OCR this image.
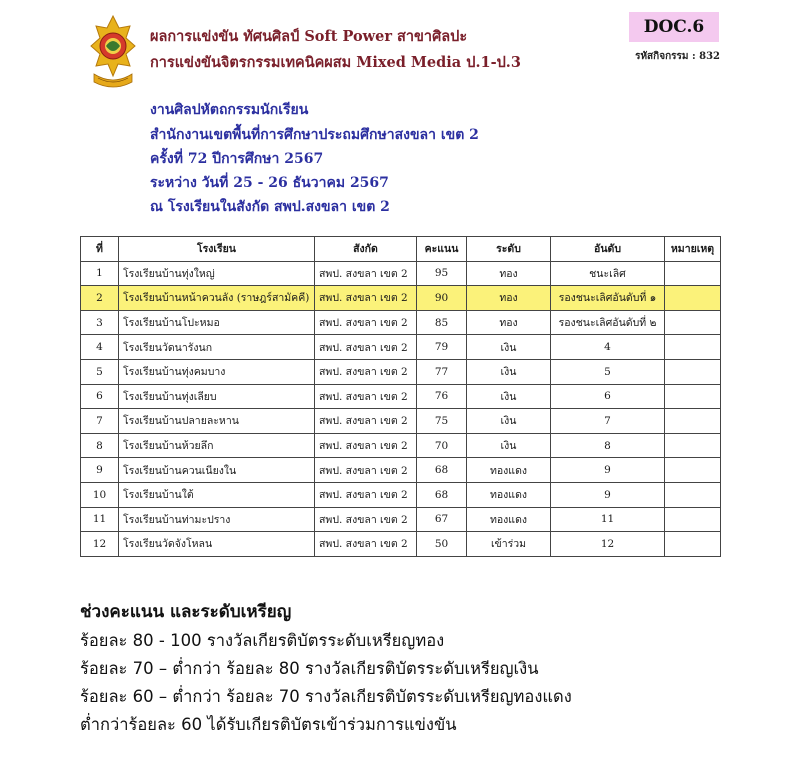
ผลการแข่งขัน ทัศนศิลป์ Soft Power สาขาศิลปะ
การแข่งขันจิตรกรรมเทคนิคผสม Mixed Media ป.1-ป.3
DOC.6
รหัสกิจกรรม : 832
งานศิลปหัตถกรรมนักเรียน
สำนักงานเขตพื้นที่การศึกษาประถมศึกษาสงขลา เขต 2
ครั้งที่ 72 ปีการศึกษา 2567
ระหว่าง วันที่ 25 - 26 ธันวาคม 2567
ณ โรงเรียนในสังกัด สพป.สงขลา เขต 2
ที่	โรงเรียน	สังกัด	คะแนน	ระดับ	อันดับ	หมายเหตุ
1	โรงเรียนบ้านทุ่งใหญ่	สพป. สงขลา เขต 2	95	ทอง	ชนะเลิศ	
2	โรงเรียนบ้านหน้าควนลัง (ราษฎร์สามัคคี)	สพป. สงขลา เขต 2	90	ทอง	รองชนะเลิศอันดับที่ ๑	
3	โรงเรียนบ้านโปะหมอ	สพป. สงขลา เขต 2	85	ทอง	รองชนะเลิศอันดับที่ ๒	
4	โรงเรียนวัดนารังนก	สพป. สงขลา เขต 2	79	เงิน	4	
5	โรงเรียนบ้านทุ่งคมบาง	สพป. สงขลา เขต 2	77	เงิน	5	
6	โรงเรียนบ้านทุ่งเลียบ	สพป. สงขลา เขต 2	76	เงิน	6	
7	โรงเรียนบ้านปลายละหาน	สพป. สงขลา เขต 2	75	เงิน	7	
8	โรงเรียนบ้านห้วยลึก	สพป. สงขลา เขต 2	70	เงิน	8	
9	โรงเรียนบ้านควนเนียงใน	สพป. สงขลา เขต 2	68	ทองแดง	9	
10	โรงเรียนบ้านใต้	สพป. สงขลา เขต 2	68	ทองแดง	9	
11	โรงเรียนบ้านท่ามะปราง	สพป. สงขลา เขต 2	67	ทองแดง	11	
12	โรงเรียนวัดจังโหลน	สพป. สงขลา เขต 2	50	เข้าร่วม	12	
ช่วงคะแนน และระดับเหรียญ
ร้อยละ 80 - 100 รางวัลเกียรติบัตรระดับเหรียญทอง
ร้อยละ 70 – ต่ำกว่า ร้อยละ 80 รางวัลเกียรติบัตรระดับเหรียญเงิน
ร้อยละ 60 – ต่ำกว่า ร้อยละ 70 รางวัลเกียรติบัตรระดับเหรียญทองแดง
ต่ำกว่าร้อยละ 60 ได้รับเกียรติบัตรเข้าร่วมการแข่งขัน
